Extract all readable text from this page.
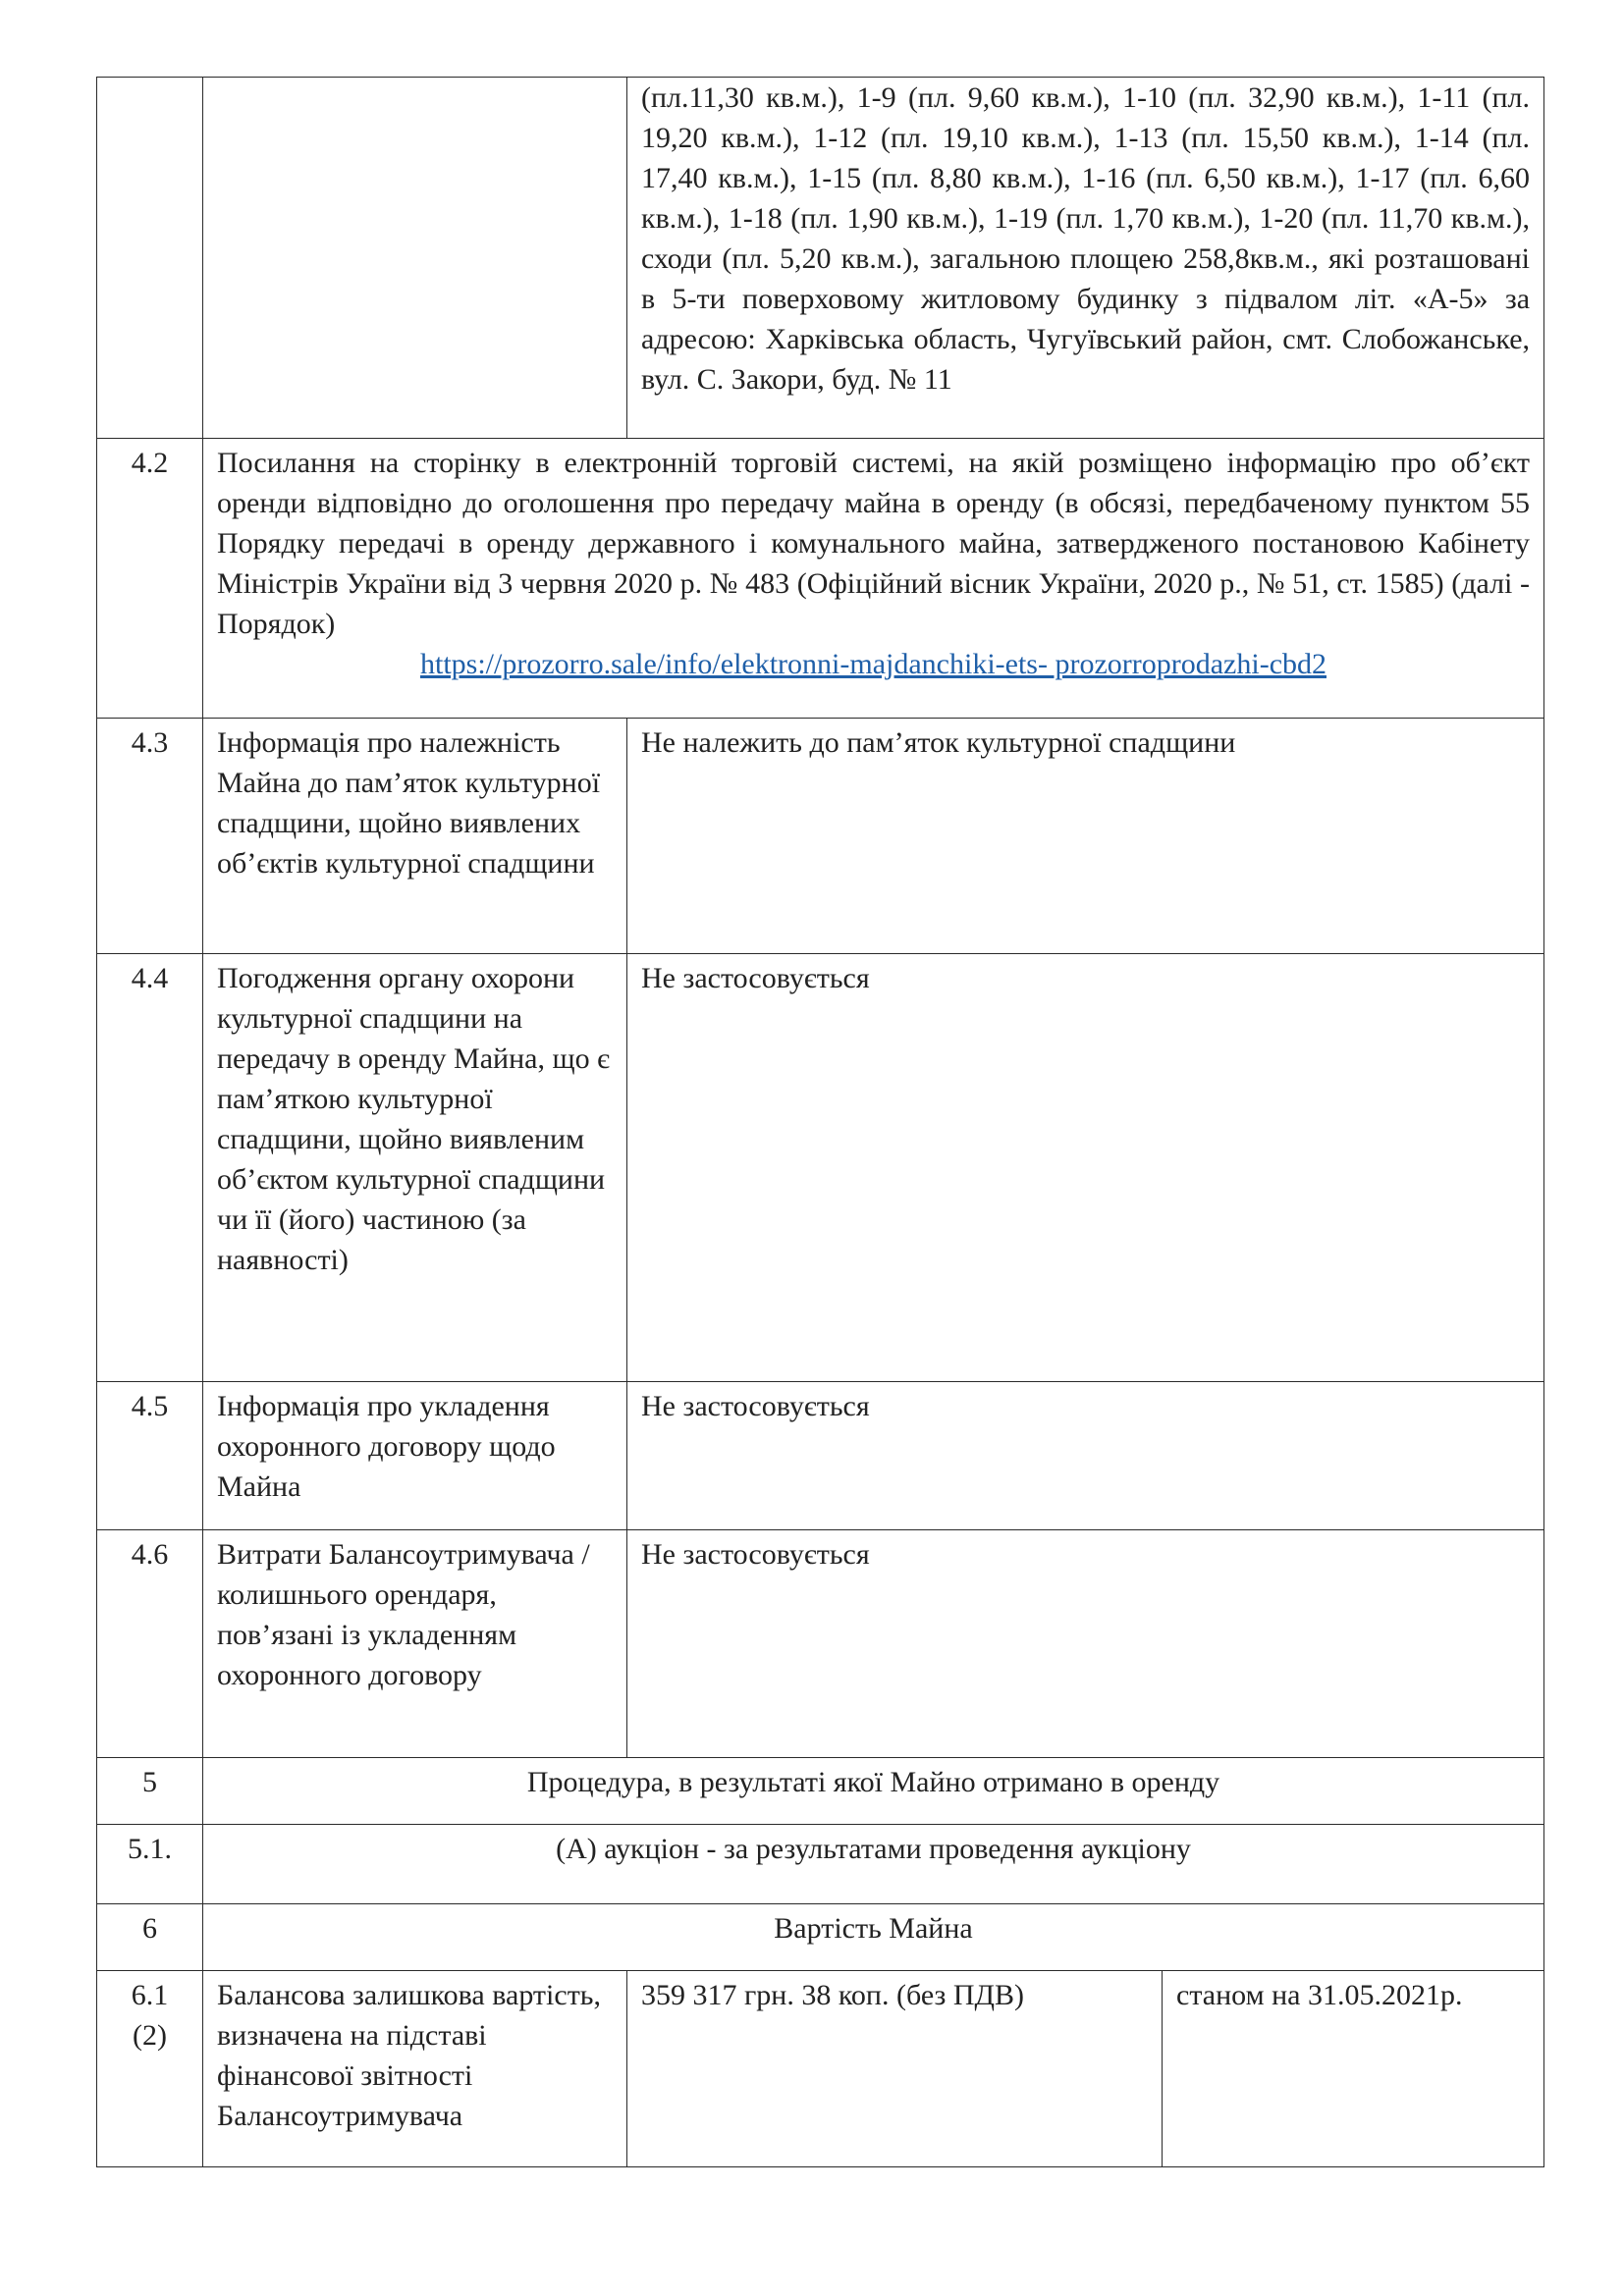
		(пл.11,30 кв.м.), 1-9 (пл. 9,60 кв.м.), 1-10 (пл. 32,90 кв.м.), 1-11 (пл. 19,20 кв.м.), 1-12 (пл. 19,10 кв.м.), 1-13 (пл. 15,50 кв.м.), 1-14 (пл. 17,40 кв.м.), 1-15 (пл. 8,80 кв.м.), 1-16 (пл. 6,50 кв.м.), 1-17 (пл. 6,60 кв.м.), 1-18 (пл. 1,90 кв.м.), 1-19 (пл. 1,70 кв.м.), 1-20 (пл. 11,70 кв.м.), сходи (пл. 5,20 кв.м.), загальною площею 258,8кв.м., які розташовані в 5-ти поверховому житловому будинку з підвалом літ. «А-5» за адресою: Харківська область, Чугуївський район, смт. Слобожанське, вул. С. Закори, буд. № 11	
4.2	Посилання на сторінку в електронній торговій системі, на якій розміщено інформацію про об’єкт оренди відповідно до оголошення про передачу майна в оренду (в обсязі, передбаченому пунктом 55 Порядку передачі в оренду державного і комунального майна, затвердженого постановою Кабінету Міністрів України від 3 червня 2020 р. № 483 (Офіційний вісник України, 2020 р., № 51, ст. 1585) (далі - Порядок)
https://prozorro.sale/info/elektronni-majdanchiki-ets- prozorroprodazhi-cbd2		

4.3	Інформація про належність Майна до пам’яток культурної спадщини, щойно виявлених об’єктів культурної спадщини	Не належить до пам’яток культурної спадщини	
4.4	Погодження органу охорони культурної спадщини на передачу в оренду Майна, що є пам’яткою культурної спадщини, щойно виявленим об’єктом культурної спадщини чи її (його) частиною (за наявності)	Не застосовується	
4.5	Інформація про укладення охоронного договору щодо Майна	Не застосовується	
4.6	Витрати Балансоутримувача /колишнього орендаря, пов’язані із укладенням охоронного договору	Не застосовується	
5	Процедура, в результаті якої Майно отримано в оренду		
5.1.	(А) аукціон - за результатами проведення аукціону		
6	Вартість Майна		
6.1 (2)	Балансова залишкова вартість, визначена на підставі фінансової звітності Балансоутримувача	359 317 грн. 38 коп. (без ПДВ)	станом на 31.05.2021р.
